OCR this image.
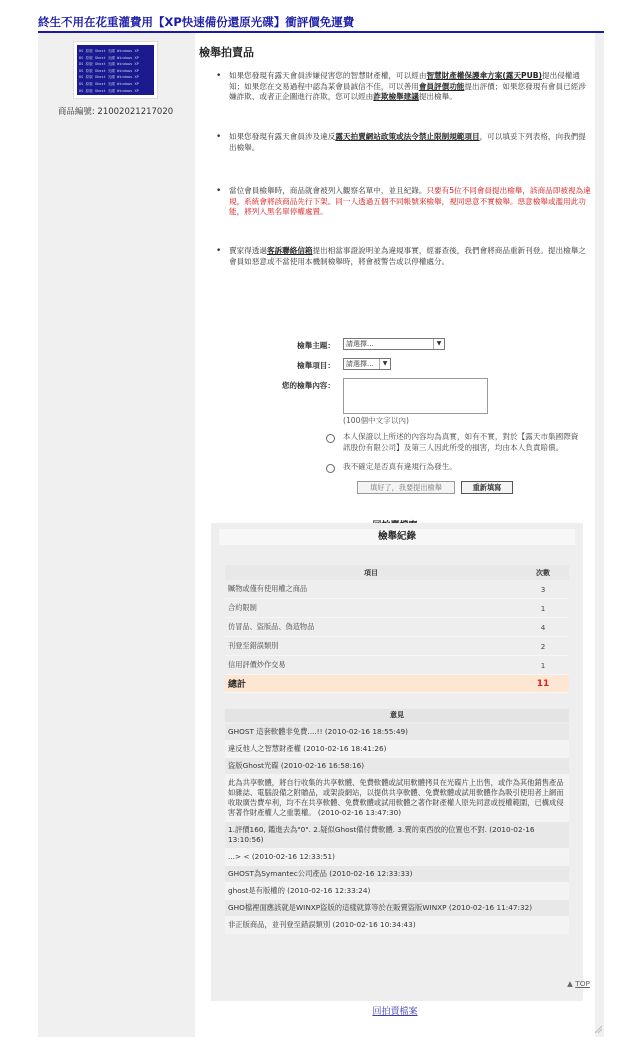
終生不用在花重灌費用【XP快速備份還原光碟】衝評價免運費
DS 原版 Ghost 光碟 Windows XP
DS 原版 Ghost 光碟 Windows XP
DS 原版 Ghost 光碟 Windows XP
DS 原版 Ghost 光碟 Windows XP
DS 原版 Ghost 光碟 Windows XP
DS 原版 Ghost 光碟 Windows XP
DS 原版 Ghost 光碟 Windows XP
商品編號: 21002021217020
檢舉拍賣品
• 如果您發現有露天會員涉嫌侵害您的智慧財產權，可以經由智慧財產權保護傘方案(露天PUB)提出侵權通知；如果您在交易過程中認為某會員誠信不佳，可以善用會員評價功能提出評價；如果您發現有會員已經涉嫌詐欺、或者正企圖進行詐欺，您可以經由詐欺檢舉建議提出檢舉。
• 如果您發現有露天會員涉及違反露天拍賣網站政策或法令禁止限制規範項目，可以填妥下列表格，向我們提出檢舉。
• 當位會員檢舉時，商品就會被列入觀察名單中，並且紀錄。只要有5位不同會員提出檢舉，該商品即被視為違規，系統會將該商品先行下架。同一人透過五個不同帳號來檢舉，視同惡意不實檢舉。惡意檢舉或濫用此功能，將列入黑名單停權處置。
• 賣家得透過客訴聯絡信箱提出相當事證說明並為違規事實，經審查後，我們會將商品重新刊登。提出檢舉之會員如惡意或不當使用本機制檢舉時，將會被警告或以停權處分。
檢舉主題：	請選擇...	▼
檢舉項目：	請選擇...	▼
您的檢舉內容：
(100個中文字以內)
本人保證以上所述的內容均為真實，如有不實，對於【露天市集國際資訊股份有限公司】及第三人因此所受的損害，均由本人負責賠償。
我不確定是否真有違規行為發生。
填好了，我要提出檢舉	重新填寫
檢舉紀錄
項目	次數
贓物或僅有使用權之商品	3
合約限制	1
仿冒品、盜版品、偽造物品	4
刊登至錯誤類別	2
信用評價炒作交易	1
總計	11
意見
GHOST 這套軟體非免費....!! (2010-02-16 18:55:49)
違反他人之智慧財產權 (2010-02-16 18:41:26)
盜版Ghost光碟 (2010-02-16 16:58:16)
此為共享軟體，將自行收集的共享軟體、免費軟體或試用軟體拷貝在光碟片上出售，或作為其他銷售產品如雜誌、電腦設備之附贈品，或架設網站，以提供共享軟體、免費軟體或試用軟體作為吸引使用者上網而收取廣告費牟利，均不在共享軟體、免費軟體或試用軟體之著作財產權人原先同意或授權範圍，已構成侵害著作財產權人之重製權。 (2010-02-16 13:47:30)
1.評價160, 鑑進去為"0". 2.疑似Ghost備付費軟體. 3.賣的東西放的位置也不對. (2010-02-16 13:10:56)
...> < (2010-02-16 12:33:51)
GHOST為Symantec公司產品 (2010-02-16 12:33:33)
ghost是有版權的 (2010-02-16 12:33:24)
GHO檔裡面應該就是WINXP盜版的這樣就算等於在販賣盜版WINXP (2010-02-16 11:47:32)
非正版商品，並刊登至錯誤類別 (2010-02-16 10:34:43)
回拍賣檔案
▲ TOP
